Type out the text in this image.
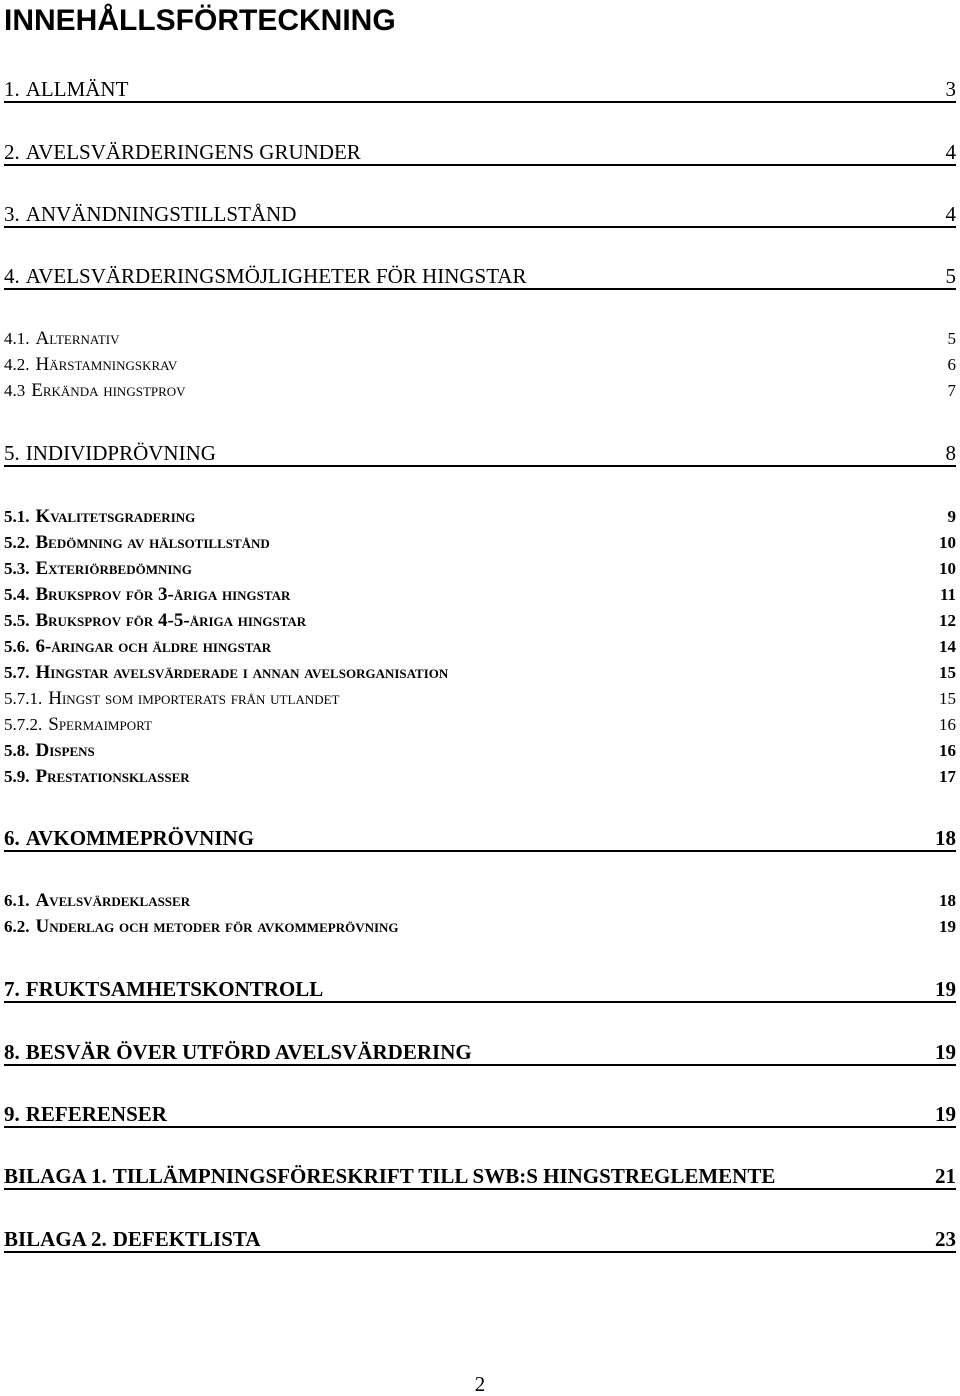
INNEHÅLLSFÖRTECKNING
1. ALLMÄNT	3
2. AVELSVÄRDERINGENS GRUNDER	4
3. ANVÄNDNINGSTILLSTÅND	4
4. AVELSVÄRDERINGSMÖJLIGHETER FÖR HINGSTAR	5
4.1. Alternativ	5
4.2. Härstamningskrav	6
4.3 Erkända hingstprov	7
5. INDIVIDPRÖVNING	8
5.1. Kvalitetsgradering	9
5.2. Bedömning av hälsotillstånd	10
5.3. Exteriörbedömning	10
5.4. Bruksprov för 3-åriga hingstar	11
5.5. Bruksprov för 4-5-åriga hingstar	12
5.6. 6-åringar och äldre hingstar	14
5.7. Hingstar avelsvärderade i annan avelsorganisation	15
5.7.1. Hingst som importerats från utlandet	15
5.7.2. Spermaimport	16
5.8. Dispens	16
5.9. Prestationsklasser	17
6. AVKOMMEPRÖVNING	18
6.1. Avelsvärdeklasser	18
6.2. Underlag och metoder för avkommeprövning	19
7. FRUKTSAMHETSKONTROLL	19
8. BESVÄR ÖVER UTFÖRD AVELSVÄRDERING	19
9. REFERENSER	19
BILAGA 1. TILLÄMPNINGSFÖRESKRIFT TILL SWB:S HINGSTREGLEMENTE	21
BILAGA 2. DEFEKTLISTA	23
2
